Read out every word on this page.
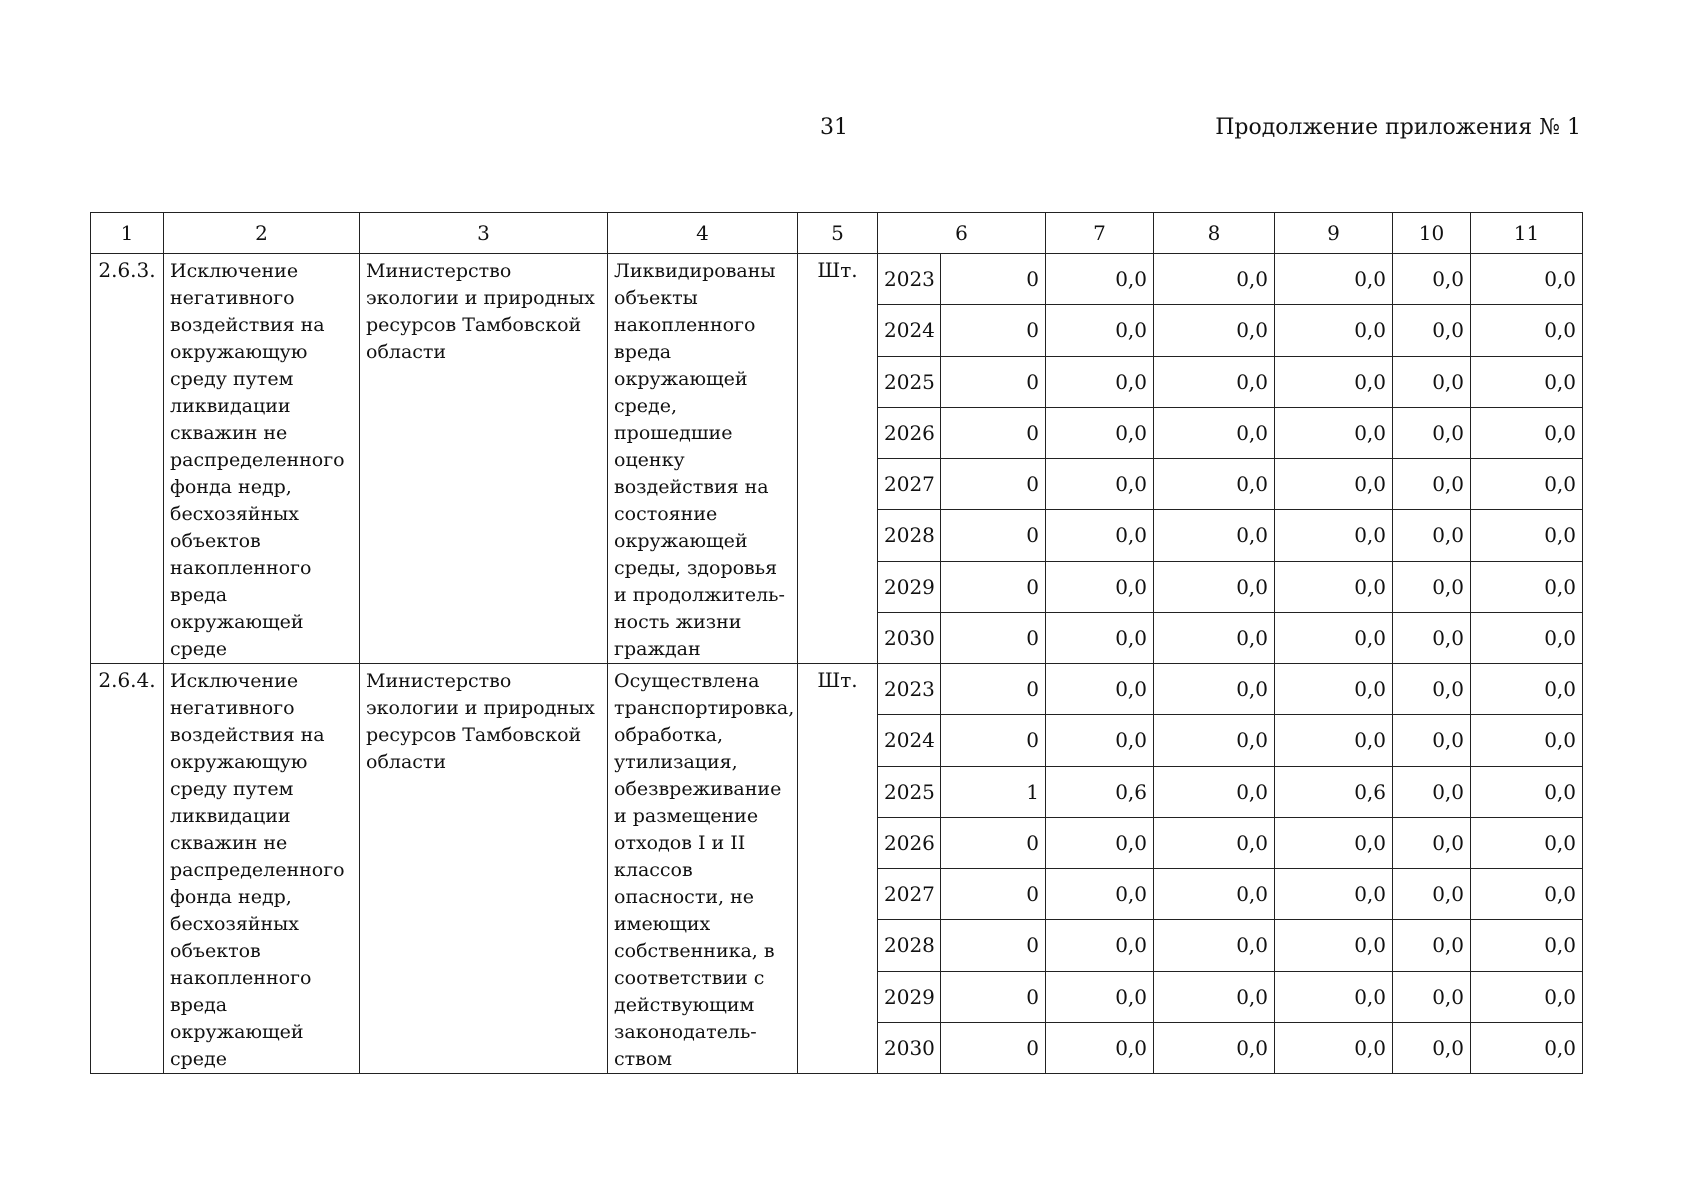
31	Продолжение приложения № 1
1	2	3	4	5	6		7	8	9	10	11
2.6.3.	Исключение негативного воздействия на окружающую среду путем ликвидации скважин не распределенного фонда недр, бесхозяйных объектов накопленного вреда окружающей среде	Министерство экологии и природных ресурсов Тамбовской области	Ликвидированы объекты накопленного вреда окружающей среде, прошедшие оценку воздействия на состояние окружающей среды, здоровья и продолжитель-ность жизни граждан	Шт.	2023	0	0,0	0,0	0,0	0,0	0,0
					2024	0	0,0	0,0	0,0	0,0	0,0
					2025	0	0,0	0,0	0,0	0,0	0,0
					2026	0	0,0	0,0	0,0	0,0	0,0
					2027	0	0,0	0,0	0,0	0,0	0,0
					2028	0	0,0	0,0	0,0	0,0	0,0
					2029	0	0,0	0,0	0,0	0,0	0,0
					2030	0	0,0	0,0	0,0	0,0	0,0
2.6.4.	Исключение негативного воздействия на окружающую среду путем ликвидации скважин не распределенного фонда недр, бесхозяйных объектов накопленного вреда окружающей среде	Министерство экологии и природных ресурсов Тамбовской области	Осуществлена транспортировка, обработка, утилизация, обезвреживание и размещение отходов I и II классов опасности, не имеющих собственника, в соответствии с действующим законодатель-ством	Шт.	2023	0	0,0	0,0	0,0	0,0	0,0
					2024	0	0,0	0,0	0,0	0,0	0,0
					2025	1	0,6	0,0	0,6	0,0	0,0
					2026	0	0,0	0,0	0,0	0,0	0,0
					2027	0	0,0	0,0	0,0	0,0	0,0
					2028	0	0,0	0,0	0,0	0,0	0,0
					2029	0	0,0	0,0	0,0	0,0	0,0
					2030	0	0,0	0,0	0,0	0,0	0,0
